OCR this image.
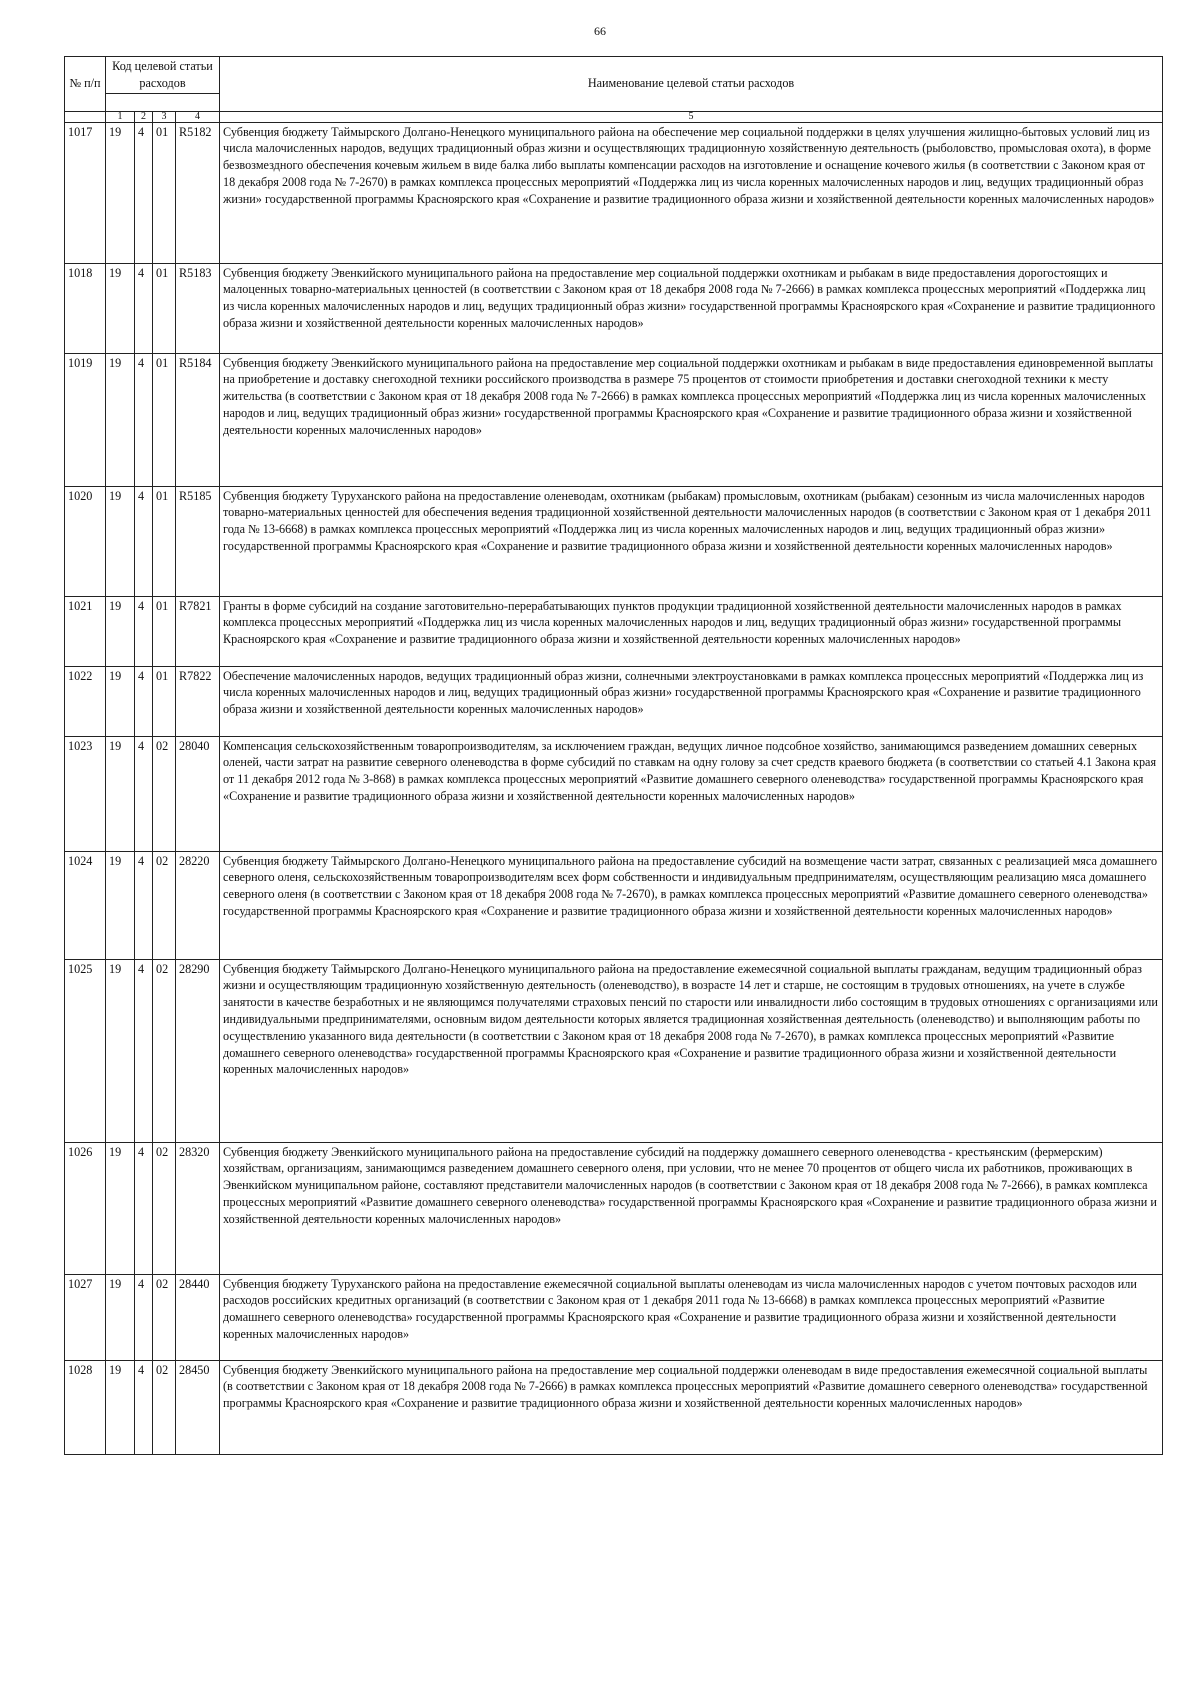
66
№ п/п	Код целевой статьи расходов				Наименование целевой статьи расходов

	1	2	3	4	5
1017	19	4	01	R5182	Субвенция бюджету Таймырского Долгано-Ненецкого муниципального района на обеспечение мер социальной поддержки в целях улучшения жилищно-бытовых условий лиц из числа малочисленных народов, ведущих традиционный образ жизни и осуществляющих традиционную хозяйственную деятельность (рыболовство, промысловая охота), в форме безвозмездного обеспечения кочевым жильем в виде балка либо выплаты компенсации расходов на изготовление и оснащение кочевого жилья (в соответствии с Законом края от 18 декабря 2008 года № 7-2670) в рамках комплекса процессных мероприятий «Поддержка лиц из числа коренных малочисленных народов и лиц, ведущих традиционный образ жизни» государственной программы Красноярского края «Сохранение и развитие традиционного образа жизни и хозяйственной деятельности коренных малочисленных народов»
1018	19	4	01	R5183	Субвенция бюджету Эвенкийского муниципального района на предоставление мер социальной поддержки охотникам и рыбакам в виде предоставления дорогостоящих и малоценных товарно-материальных ценностей (в соответствии с Законом края от 18 декабря 2008 года № 7-2666) в рамках комплекса процессных мероприятий «Поддержка лиц из числа коренных малочисленных народов и лиц, ведущих традиционный образ жизни» государственной программы Красноярского края «Сохранение и развитие традиционного образа жизни и хозяйственной деятельности коренных малочисленных народов»
1019	19	4	01	R5184	Субвенция бюджету Эвенкийского муниципального района на предоставление мер социальной поддержки охотникам и рыбакам в виде предоставления единовременной выплаты на приобретение и доставку снегоходной техники российского производства в размере 75 процентов от стоимости приобретения и доставки снегоходной техники к месту жительства (в соответствии с Законом края от 18 декабря 2008 года № 7-2666) в рамках комплекса процессных мероприятий «Поддержка лиц из числа коренных малочисленных народов и лиц, ведущих традиционный образ жизни» государственной программы Красноярского края «Сохранение и развитие традиционного образа жизни и хозяйственной деятельности коренных малочисленных народов»
1020	19	4	01	R5185	Субвенция бюджету Туруханского района на предоставление оленеводам, охотникам (рыбакам) промысловым, охотникам (рыбакам) сезонным из числа малочисленных народов товарно-материальных ценностей для обеспечения ведения традиционной хозяйственной деятельности малочисленных народов (в соответствии с Законом края от 1 декабря 2011 года № 13-6668) в рамках комплекса процессных мероприятий «Поддержка лиц из числа коренных малочисленных народов и лиц, ведущих традиционный образ жизни» государственной программы Красноярского края «Сохранение и развитие традиционного образа жизни и хозяйственной деятельности коренных малочисленных народов»
1021	19	4	01	R7821	Гранты в форме субсидий на создание заготовительно-перерабатывающих пунктов продукции традиционной хозяйственной деятельности малочисленных народов в рамках комплекса процессных мероприятий «Поддержка лиц из числа коренных малочисленных народов и лиц, ведущих традиционный образ жизни» государственной программы Красноярского края «Сохранение и развитие традиционного образа жизни и хозяйственной деятельности коренных малочисленных народов»
1022	19	4	01	R7822	Обеспечение малочисленных народов, ведущих традиционный образ жизни, солнечными электроустановками в рамках комплекса процессных мероприятий «Поддержка лиц из числа коренных малочисленных народов и лиц, ведущих традиционный образ жизни» государственной программы Красноярского края «Сохранение и развитие традиционного образа жизни и хозяйственной деятельности коренных малочисленных народов»
1023	19	4	02	28040	Компенсация сельскохозяйственным товаропроизводителям, за исключением граждан, ведущих личное подсобное хозяйство, занимающимся разведением домашних северных оленей, части затрат на развитие северного оленеводства в форме субсидий по ставкам на одну голову за счет средств краевого бюджета (в соответствии со статьей 4.1 Закона края от 11 декабря 2012 года № 3-868) в рамках комплекса процессных мероприятий «Развитие домашнего северного оленеводства» государственной программы Красноярского края «Сохранение и развитие традиционного образа жизни и хозяйственной деятельности коренных малочисленных народов»
1024	19	4	02	28220	Субвенция бюджету Таймырского Долгано-Ненецкого муниципального района на предоставление субсидий на возмещение части затрат, связанных с реализацией мяса домашнего северного оленя, сельскохозяйственным товаропроизводителям всех форм собственности и индивидуальным предпринимателям, осуществляющим реализацию мяса домашнего северного оленя (в соответствии с Законом края от 18 декабря 2008 года № 7-2670), в рамках комплекса процессных мероприятий «Развитие домашнего северного оленеводства» государственной программы Красноярского края «Сохранение и развитие традиционного образа жизни и хозяйственной деятельности коренных малочисленных народов»
1025	19	4	02	28290	Субвенция бюджету Таймырского Долгано-Ненецкого муниципального района на предоставление ежемесячной социальной выплаты гражданам, ведущим традиционный образ жизни и осуществляющим традиционную хозяйственную деятельность (оленеводство), в возрасте 14 лет и старше, не состоящим в трудовых отношениях, на учете в службе занятости в качестве безработных и не являющимся получателями страховых пенсий по старости или инвалидности либо состоящим в трудовых отношениях с организациями или индивидуальными предпринимателями, основным видом деятельности которых является традиционная хозяйственная деятельность (оленеводство) и выполняющим работы по осуществлению указанного вида деятельности (в соответствии с Законом края от 18 декабря 2008 года № 7-2670), в рамках комплекса процессных мероприятий «Развитие домашнего северного оленеводства» государственной программы Красноярского края «Сохранение и развитие традиционного образа жизни и хозяйственной деятельности коренных малочисленных народов»
1026	19	4	02	28320	Субвенция бюджету Эвенкийского муниципального района на предоставление субсидий на поддержку домашнего северного оленеводства - крестьянским (фермерским) хозяйствам, организациям, занимающимся разведением домашнего северного оленя, при условии, что не менее 70 процентов от общего числа их работников, проживающих в Эвенкийском муниципальном районе, составляют представители малочисленных народов (в соответствии с Законом края от 18 декабря 2008 года № 7-2666), в рамках комплекса процессных мероприятий «Развитие домашнего северного оленеводства» государственной программы Красноярского края «Сохранение и развитие традиционного образа жизни и хозяйственной деятельности коренных малочисленных народов»
1027	19	4	02	28440	Субвенция бюджету Туруханского района на предоставление ежемесячной социальной выплаты оленеводам из числа малочисленных народов с учетом почтовых расходов или расходов российских кредитных организаций (в соответствии с Законом края от 1 декабря 2011 года № 13-6668) в рамках комплекса процессных мероприятий «Развитие домашнего северного оленеводства» государственной программы Красноярского края «Сохранение и развитие традиционного образа жизни и хозяйственной деятельности коренных малочисленных народов»
1028	19	4	02	28450	Субвенция бюджету Эвенкийского муниципального района на предоставление мер социальной поддержки оленеводам в виде предоставления ежемесячной социальной выплаты (в соответствии с Законом края от 18 декабря 2008 года № 7-2666) в рамках комплекса процессных мероприятий «Развитие домашнего северного оленеводства» государственной программы Красноярского края «Сохранение и развитие традиционного образа жизни и хозяйственной деятельности коренных малочисленных народов»
